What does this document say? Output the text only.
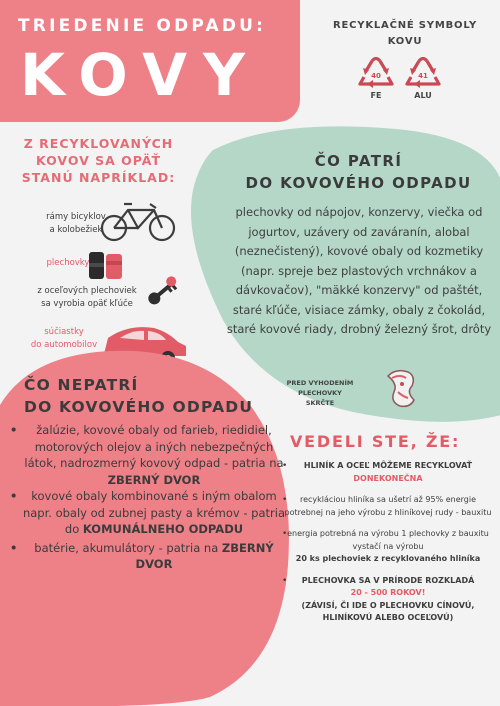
TRIEDENIE ODPADU:
KOVY
RECYKLAČNÉ SYMBOLY
KOVU
40
FE
41
ALU
ČO PATRÍ
DO KOVOVÉHO ODPADU
plechovky od nápojov, konzervy, viečka od jogurtov, uzávery od zaváranín, alobal (neznečistený), kovové obaly od kozmetiky (napr. spreje bez plastových vrchnákov a dávkovačov), "mäkké konzervy" od paštét, staré kľúče, visiace zámky, obaly z čokolád, staré kovové riady, drobný železný šrot, drôty
PRED VYHODENÍM
PLECHOVKY
SKRČTE
Z RECYKLOVANÝCH
KOVOV SA OPÄŤ
STANÚ NAPRÍKLAD:
rámy bicyklov
a kolobežiek
plechovky
z oceľových plechoviek
sa vyrobia opäť kľúče
súčiastky
do automobilov
ČO NEPATRÍ
DO KOVOVÉHO ODPADU
• žalúzie, kovové obaly od farieb, riedidiel, motorových olejov a iných nebezpečných látok, nadrozmerný kovový odpad - patria na ZBERNÝ DVOR
• kovové obaly kombinované s iným obalom napr. obaly od zubnej pasty a krémov - patria do KOMUNÁLNEHO ODPADU
• batérie, akumulátory - patria na ZBERNÝ DVOR
VEDELI STE, ŽE:
•	HLINÍK A OCEĽ MÔŽEME RECYKLOVAŤ
DONEKONEČNA
•	recykláciou hliníka sa ušetrí až 95% energie potrebnej na jeho výrobu z hliníkovej rudy - bauxitu
• energia potrebná na výrobu 1 plechovky z bauxitu vystačí na výrobu
20 ks plechoviek z recyklovaného hliníka
•	PLECHOVKA SA V PRÍRODE ROZKLADÁ
20 - 500 ROKOV!
(ZÁVISÍ, ČI IDE O PLECHOVKU CÍNOVÚ, HLINÍKOVÚ ALEBO OCEĽOVÚ)
